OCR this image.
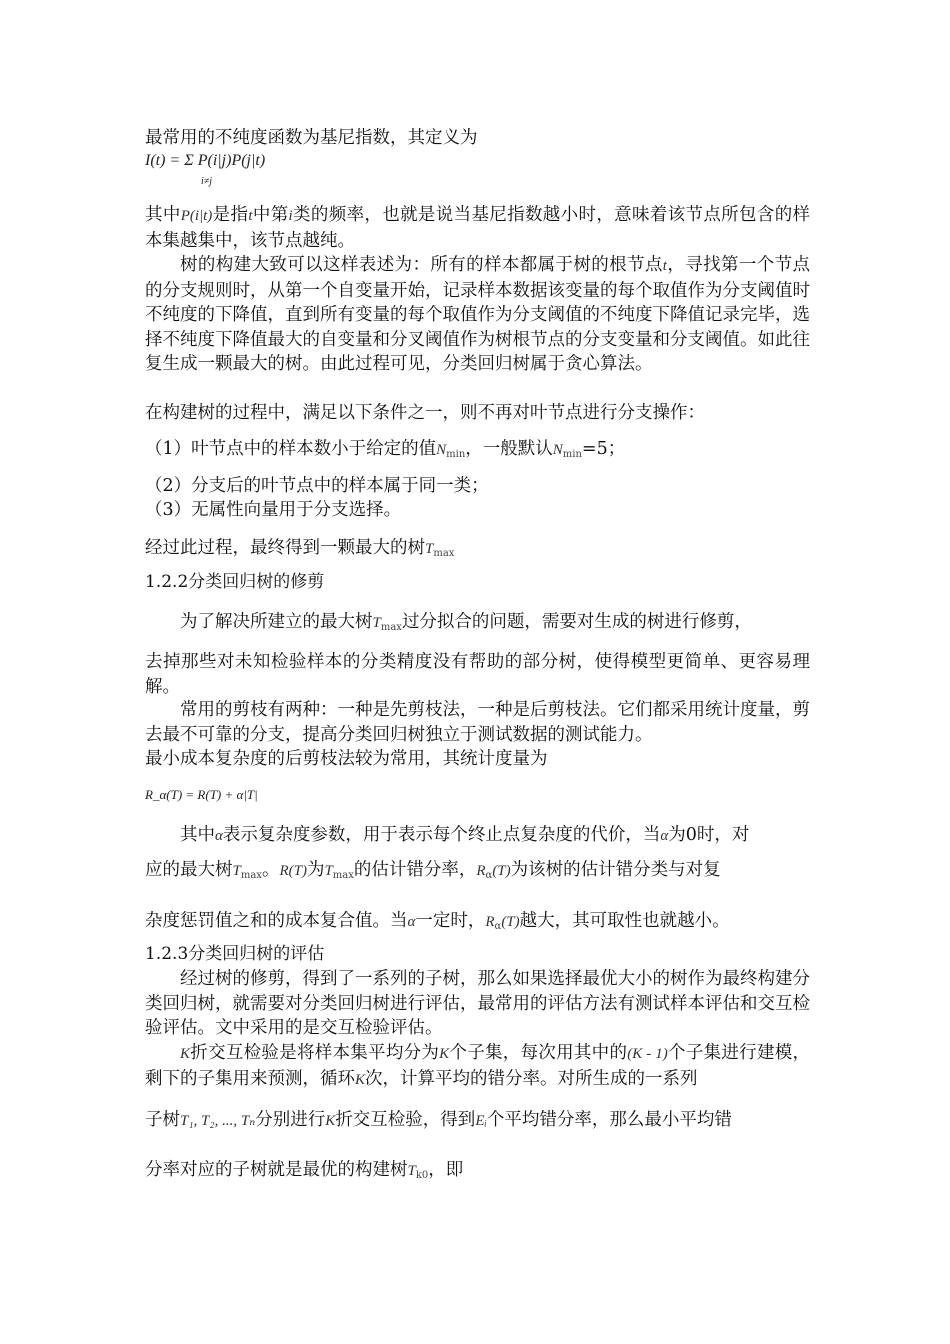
最常用的不纯度函数为基尼指数，其定义为
I(t) = Σ P(i|j)P(j|t)
i≠j
其中P(i|t)是指t中第i类的频率，也就是说当基尼指数越小时，意味着该节点所包含的样本集越集中，该节点越纯。
树的构建大致可以这样表述为：所有的样本都属于树的根节点t，寻找第一个节点的分支规则时，从第一个自变量开始，记录样本数据该变量的每个取值作为分支阈值时不纯度的下降值，直到所有变量的每个取值作为分支阈值的不纯度下降值记录完毕，选择不纯度下降值最大的自变量和分叉阈值作为树根节点的分支变量和分支阈值。如此往复生成一颗最大的树。由此过程可见，分类回归树属于贪心算法。
在构建树的过程中，满足以下条件之一，则不再对叶节点进行分支操作：
（1）叶节点中的样本数小于给定的值$N_{min}$，一般默认$N_{min}=5$；
（2）分支后的叶节点中的样本属于同一类；
（3）无属性向量用于分支选择。
经过此过程，最终得到一颗最大的树$T_{max}$
1.2.2分类回归树的修剪
为了解决所建立的最大树$T_{max}$过分拟合的问题，需要对生成的树进行修剪，
去掉那些对未知检验样本的分类精度没有帮助的部分树，使得模型更简单、更容易理解。
常用的剪枝有两种：一种是先剪枝法，一种是后剪枝法。它们都采用统计度量，剪去最不可靠的分支，提高分类回归树独立于测试数据的测试能力。
最小成本复杂度的后剪枝法较为常用，其统计度量为
R_α(T) = R(T) + α|T|
其中α表示复杂度参数，用于表示每个终止点复杂度的代价，当α为0时，对
应的最大树$T_{max}$。R(T)为$T_{max}$的估计错分率，$R_\alpha(T)$为该树的估计错分类与对复
杂度惩罚值之和的成本复合值。当α一定时，$R_\alpha(T)$越大，其可取性也就越小。
1.2.3分类回归树的评估
经过树的修剪，得到了一系列的子树，那么如果选择最优大小的树作为最终构建分类回归树，就需要对分类回归树进行评估，最常用的评估方法有测试样本评估和交互检验评估。文中采用的是交互检验评估。
K折交互检验是将样本集平均分为K个子集，每次用其中的(K - 1)个子集进行建模，剩下的子集用来预测，循环K次，计算平均的错分率。对所生成的一系列
子树T₁, T₂, ..., Tₙ分别进行K折交互检验，得到Eᵢ个平均错分率，那么最小平均错
分率对应的子树就是最优的构建树$T_{k0}$，即
